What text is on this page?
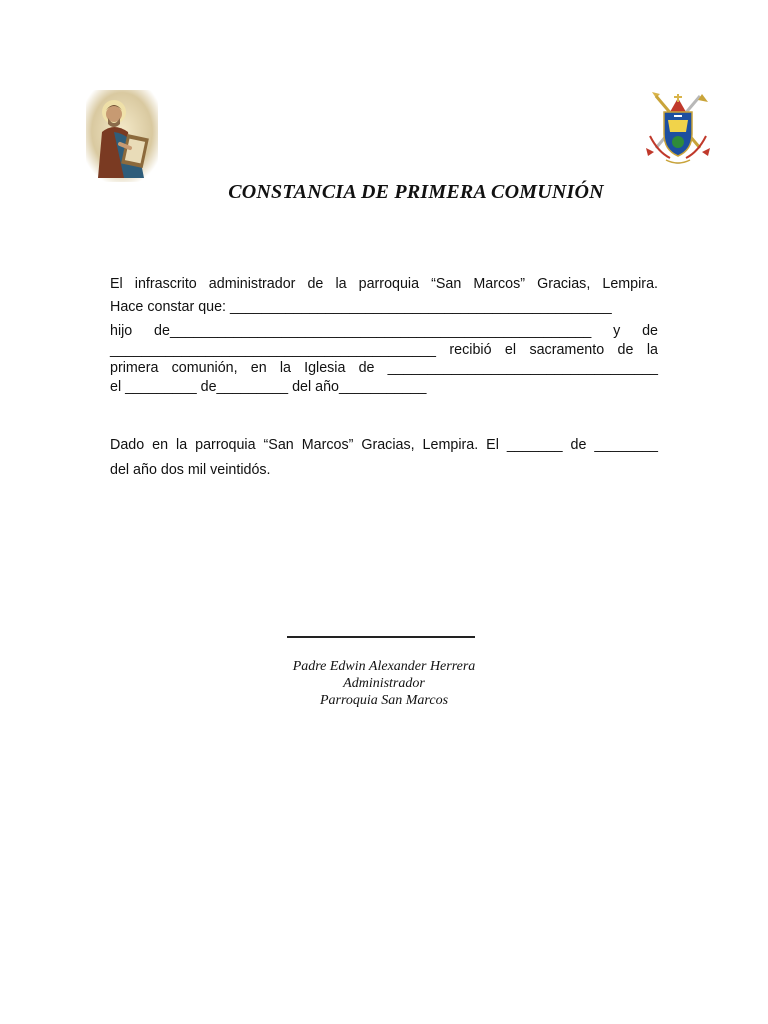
·····
CONSTANCIA DE PRIMERA COMUNIÓN
El infrascrito administrador de la parroquia “San Marcos” Gracias, Lempira.
Hace constar que: ________________________________________________
hijo de_____________________________________________________ y de
_________________________________________ recibió el sacramento de la
primera comunión, en la Iglesia de __________________________________
el _________ de_________ del año___________
Dado en la parroquia “San Marcos” Gracias, Lempira. El _______ de ________
del año dos mil veintidós.
Padre Edwin Alexander Herrera
Administrador
Parroquia San Marcos
